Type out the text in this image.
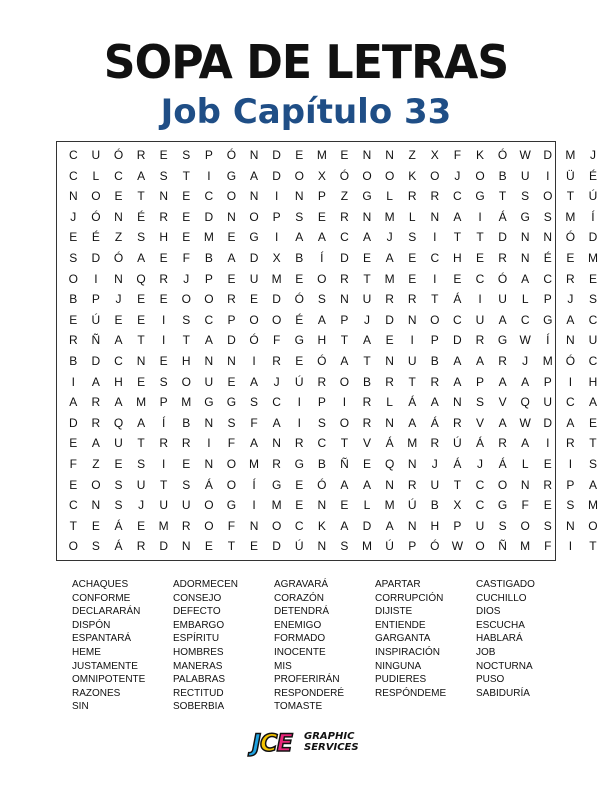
SOPA DE LETRAS
Job Capítulo 33
C	U	Ó	R	E	S	P	Ó	N	D	E	M	E	N	N	Z	X	F	K	Ó	W	D	M	J
C	L	C	A	S	T	I	G	A	D	O	X	Ó	O	O	K	O	J	O	B	U	I	Ü	É
N	O	E	T	N	E	C	O	N	I	N	P	Z	G	L	R	R	C	G	T	S	O	T	Ú
J	Ó	N	É	R	E	D	N	O	P	S	E	R	N	M	L	N	A	I	Á	G	S	M	Í
E	É	Z	S	H	E	M	E	G	I	A	A	C	A	J	S	I	T	T	D	N	N	Ó	D
S	D	Ó	A	E	F	B	A	D	X	B	Í	D	E	A	E	C	H	E	R	N	É	E	M
O	I	N	Q	R	J	P	E	U	M	E	O	R	T	M	E	I	E	C	Ó	A	C	R	E
B	P	J	E	E	O	O	R	E	D	Ó	S	N	U	R	R	T	Á	I	U	L	P	J	S
E	Ú	E	E	I	S	C	P	O	O	É	A	P	J	D	N	O	C	U	A	C	G	A	C
R	Ñ	A	T	I	T	A	D	Ó	F	G	H	T	A	E	I	P	D	R	G	W	Í	N	U
B	D	C	N	E	H	N	N	I	R	E	Ó	A	T	N	U	B	A	A	R	J	M	Ó	C
I	A	H	E	S	O	U	E	A	J	Ú	R	O	B	R	T	R	A	P	A	A	P	I	H
A	R	A	M	P	M	G	G	S	C	I	P	I	R	L	Á	A	N	S	V	Q	U	C	A
D	R	Q	A	Í	B	N	S	F	A	I	S	O	R	N	A	Á	R	V	A	W	D	A	E
E	A	U	T	R	R	I	F	A	N	R	C	T	V	Á	M	R	Ú	Á	R	A	I	R	T
F	Z	E	S	I	E	N	O	M	R	G	B	Ñ	E	Q	N	J	Á	J	Á	L	E	I	S
E	O	S	U	T	S	Á	O	Í	G	E	Ó	A	A	N	R	U	T	C	O	N	R	P	A
C	N	S	J	U	U	O	G	I	M	E	N	E	L	M	Ú	B	X	C	G	F	E	S	M
T	E	Á	E	M	R	O	F	N	O	C	K	A	D	A	N	H	P	U	S	O	S	N	O
O	S	Á	R	D	N	E	T	E	D	Ú	N	S	M	Ú	P	Ó	W	O	Ñ	M	F	I	T
ACHAQUES
CONFORME
DECLARARÁN
DISPÓN
ESPANTARÁ
HEME
JUSTAMENTE
OMNIPOTENTE
RAZONES
SIN
ADORMECEN
CONSEJO
DEFECTO
EMBARGO
ESPÍRITU
HOMBRES
MANERAS
PALABRAS
RECTITUD
SOBERBIA
AGRAVARÁ
CORAZÓN
DETENDRÁ
ENEMIGO
FORMADO
INOCENTE
MIS
PROFERIRÁN
RESPONDERÉ
TOMASTE
APARTAR
CORRUPCIÓN
DIJISTE
ENTIENDE
GARGANTA
INSPIRACIÓN
NINGUNA
PUDIERES
RESPÓNDEME
CASTIGADO
CUCHILLO
DIOS
ESCUCHA
HABLARÁ
JOB
NOCTURNA
PUSO
SABIDURÍA
JCE GRAPHIC
SERVICES
